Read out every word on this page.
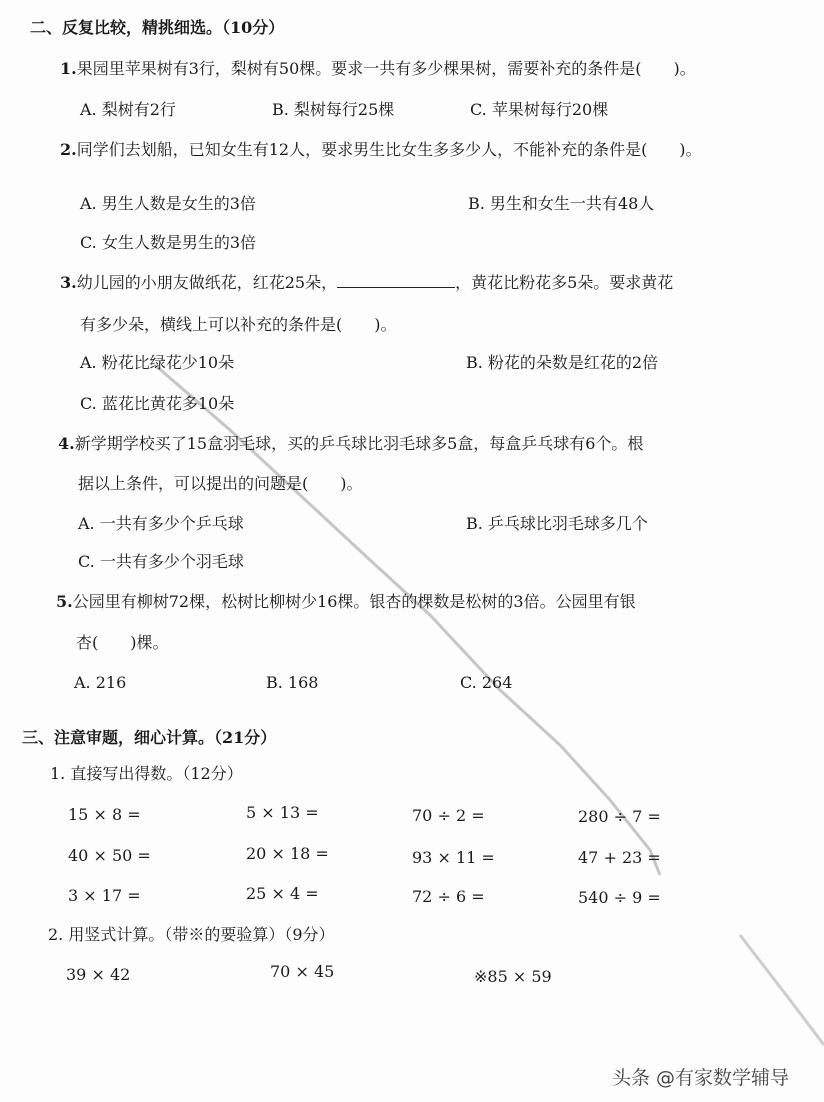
二、反复比较，精挑细选。（10分）
1.果园里苹果树有3行，梨树有50棵。要求一共有多少棵果树，需要补充的条件是(　　)。
A. 梨树有2行	B. 梨树每行25棵	C. 苹果树每行20棵
2.同学们去划船，已知女生有12人，要求男生比女生多多少人，不能补充的条件是(　　)。
A. 男生人数是女生的3倍	B. 男生和女生一共有48人
C. 女生人数是男生的3倍
3.幼儿园的小朋友做纸花，红花25朵，	，黄花比粉花多5朵。要求黄花
有多少朵，横线上可以补充的条件是(　　)。
A. 粉花比绿花少10朵	B. 粉花的朵数是红花的2倍
C. 蓝花比黄花多10朵
4.新学期学校买了15盒羽毛球，买的乒乓球比羽毛球多5盒，每盒乒乓球有6个。根
据以上条件，可以提出的问题是(　　)。
A. 一共有多少个乒乓球	B. 乒乓球比羽毛球多几个
C. 一共有多少个羽毛球
5.公园里有柳树72棵，松树比柳树少16棵。银杏的棵数是松树的3倍。公园里有银
杏(　　)棵。
A. 216	B. 168	C. 264
三、注意审题，细心计算。（21分）
1. 直接写出得数。（12分）
15 × 8 =	5 × 13 =	70 ÷ 2 =	280 ÷ 7 =
40 × 50 =	20 × 18 =	93 × 11 =	47 + 23 =
3 × 17 =	25 × 4 =	72 ÷ 6 =	540 ÷ 9 =
2. 用竖式计算。（带※的要验算）（9分）
39 × 42	70 × 45	※85 × 59
头条 @有家数学辅导
